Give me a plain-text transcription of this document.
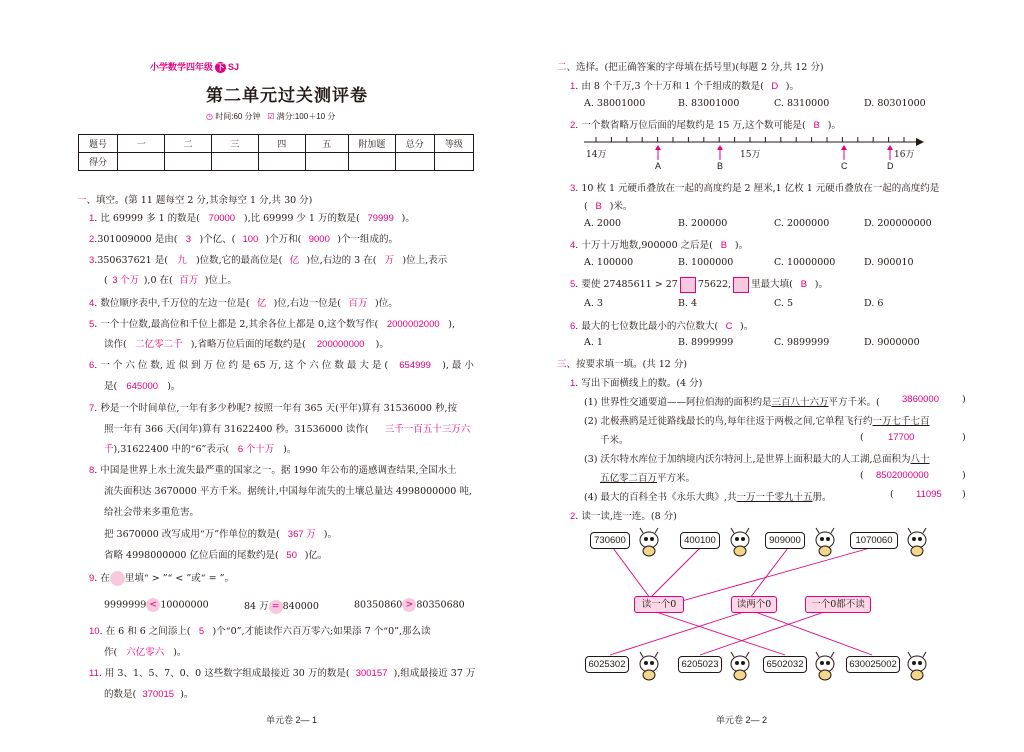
小学数学四年级 下 SJ
第二单元过关测评卷
◷ 时间:60 分钟 ☑ 满分:100＋10 分
题号	一	二	三	四	五	附加题	总分	等级
得分								
一、填空。(第 11 题每空 2 分,其余每空 1 分,共 30 分)
1. 比 69999 多 1 的数是( 70000 ),比 69999 少 1 万的数是( 79999 )。
2.301009000 是由( 3 )个亿、( 100 )个万和( 9000 )个一组成的。
3.350637621 是( 九 )位数,它的最高位是( 亿 )位,右边的 3 在( 万 )位上,表示
( 3 个万 ),0 在( 百万 )位上。
4. 数位顺序表中,千万位的左边一位是( 亿 )位,右边一位是( 百万 )位。
5. 一个十位数,最高位和千位上都是 2,其余各位上都是 0,这个数写作( 2000002000 ),
读作( 二亿零二千 ),省略万位后面的尾数约是( 200000000 )。
6. 一 个 六 位 数, 近 似 到 万 位 约 是 65 万, 这 个 六 位 数 最 大 是 ( 654999 ), 最 小
是( 645000 )。
7. 秒是一个时间单位,一年有多少秒呢? 按照一年有 365 天(平年)算有 31536000 秒,按
照一年有 366 天(闰年)算有 31622400 秒。31536000 读作( 三千一百五十三万六
千),31622400 中的“6”表示( 6 个十万 )。
8. 中国是世界上水土流失最严重的国家之一。据 1990 年公布的遥感调查结果,全国水土
流失面积达 3670000 平方千米。据统计,中国每年流失的土壤总量达 4998000000 吨,
给社会带来多重危害。
把 3670000 改写成用“万”作单位的数是( 367 万 )。
省略 4998000000 亿位后面的尾数约是( 50 )亿。
9. 在 里填“ > ”“ < ”或“ = ”。
9999999 < 10000000	84 万 = 840000	80350860 > 80350680
10. 在 6 和 6 之间添上( 5 )个“0”,才能读作六百万零六;如果添 7 个“0”,那么读
作( 六亿零六 )。
11. 用 3、1、5、7、0、0 这些数字组成最接近 30 万的数是( 300157 ),组成最接近 37 万
的数是( 370015 )。
单元卷 2— 1
二、选择。(把正确答案的字母填在括号里)(每题 2 分,共 12 分)
1. 由 8 个千万,3 个十万和 1 个千组成的数是( D )。
A. 38001000	B. 83001000	C. 8310000	D. 80301000
2. 一个数省略万位后面的尾数约是 15 万,这个数可能是( B )。
14万	15万	16万
A	B	C	D
3. 10 枚 1 元硬币叠放在一起的高度约是 2 厘米,1 亿枚 1 元硬币叠放在一起的高度约是
( B )米。
A. 2000	B. 200000	C. 2000000	D. 200000000
4. 十万十万地数,900000 之后是( B )。
A. 100000	B. 1000000	C. 10000000	D. 900010
5. 要使 27485611 > 27 75622, 里最大填( B )。
A. 3	B. 4	C. 5	D. 6
6. 最大的七位数比最小的六位数大( C )。
A. 1	B. 8999999	C. 9899999	D. 9000000
三、按要求填一填。(共 12 分)
1. 写出下面横线上的数。(4 分)
(1) 世界性交通要道——阿拉伯海的面积约是三百八十六万平方千米。( 3860000 )
(2) 北极燕鸥是迁徙路线最长的鸟,每年往返于两极之间,它单程飞行约一万七千七百
千米。	(	17700	)
(3) 沃尔特水库位于加纳境内沃尔特河上,是世界上面积最大的人工湖,总面积为八十
五亿零二百万平方米。	( 8502000000	)
(4) 最大的百科全书《永乐大典》,共一万一千零九十五册。	( 11095 )
2. 读一读,连一连。(8 分)
730600	400100	909000	1070060
读一个0	读两个0	一个0都不读
6025302	6205023	6502032	630025002
单元卷 2— 2
